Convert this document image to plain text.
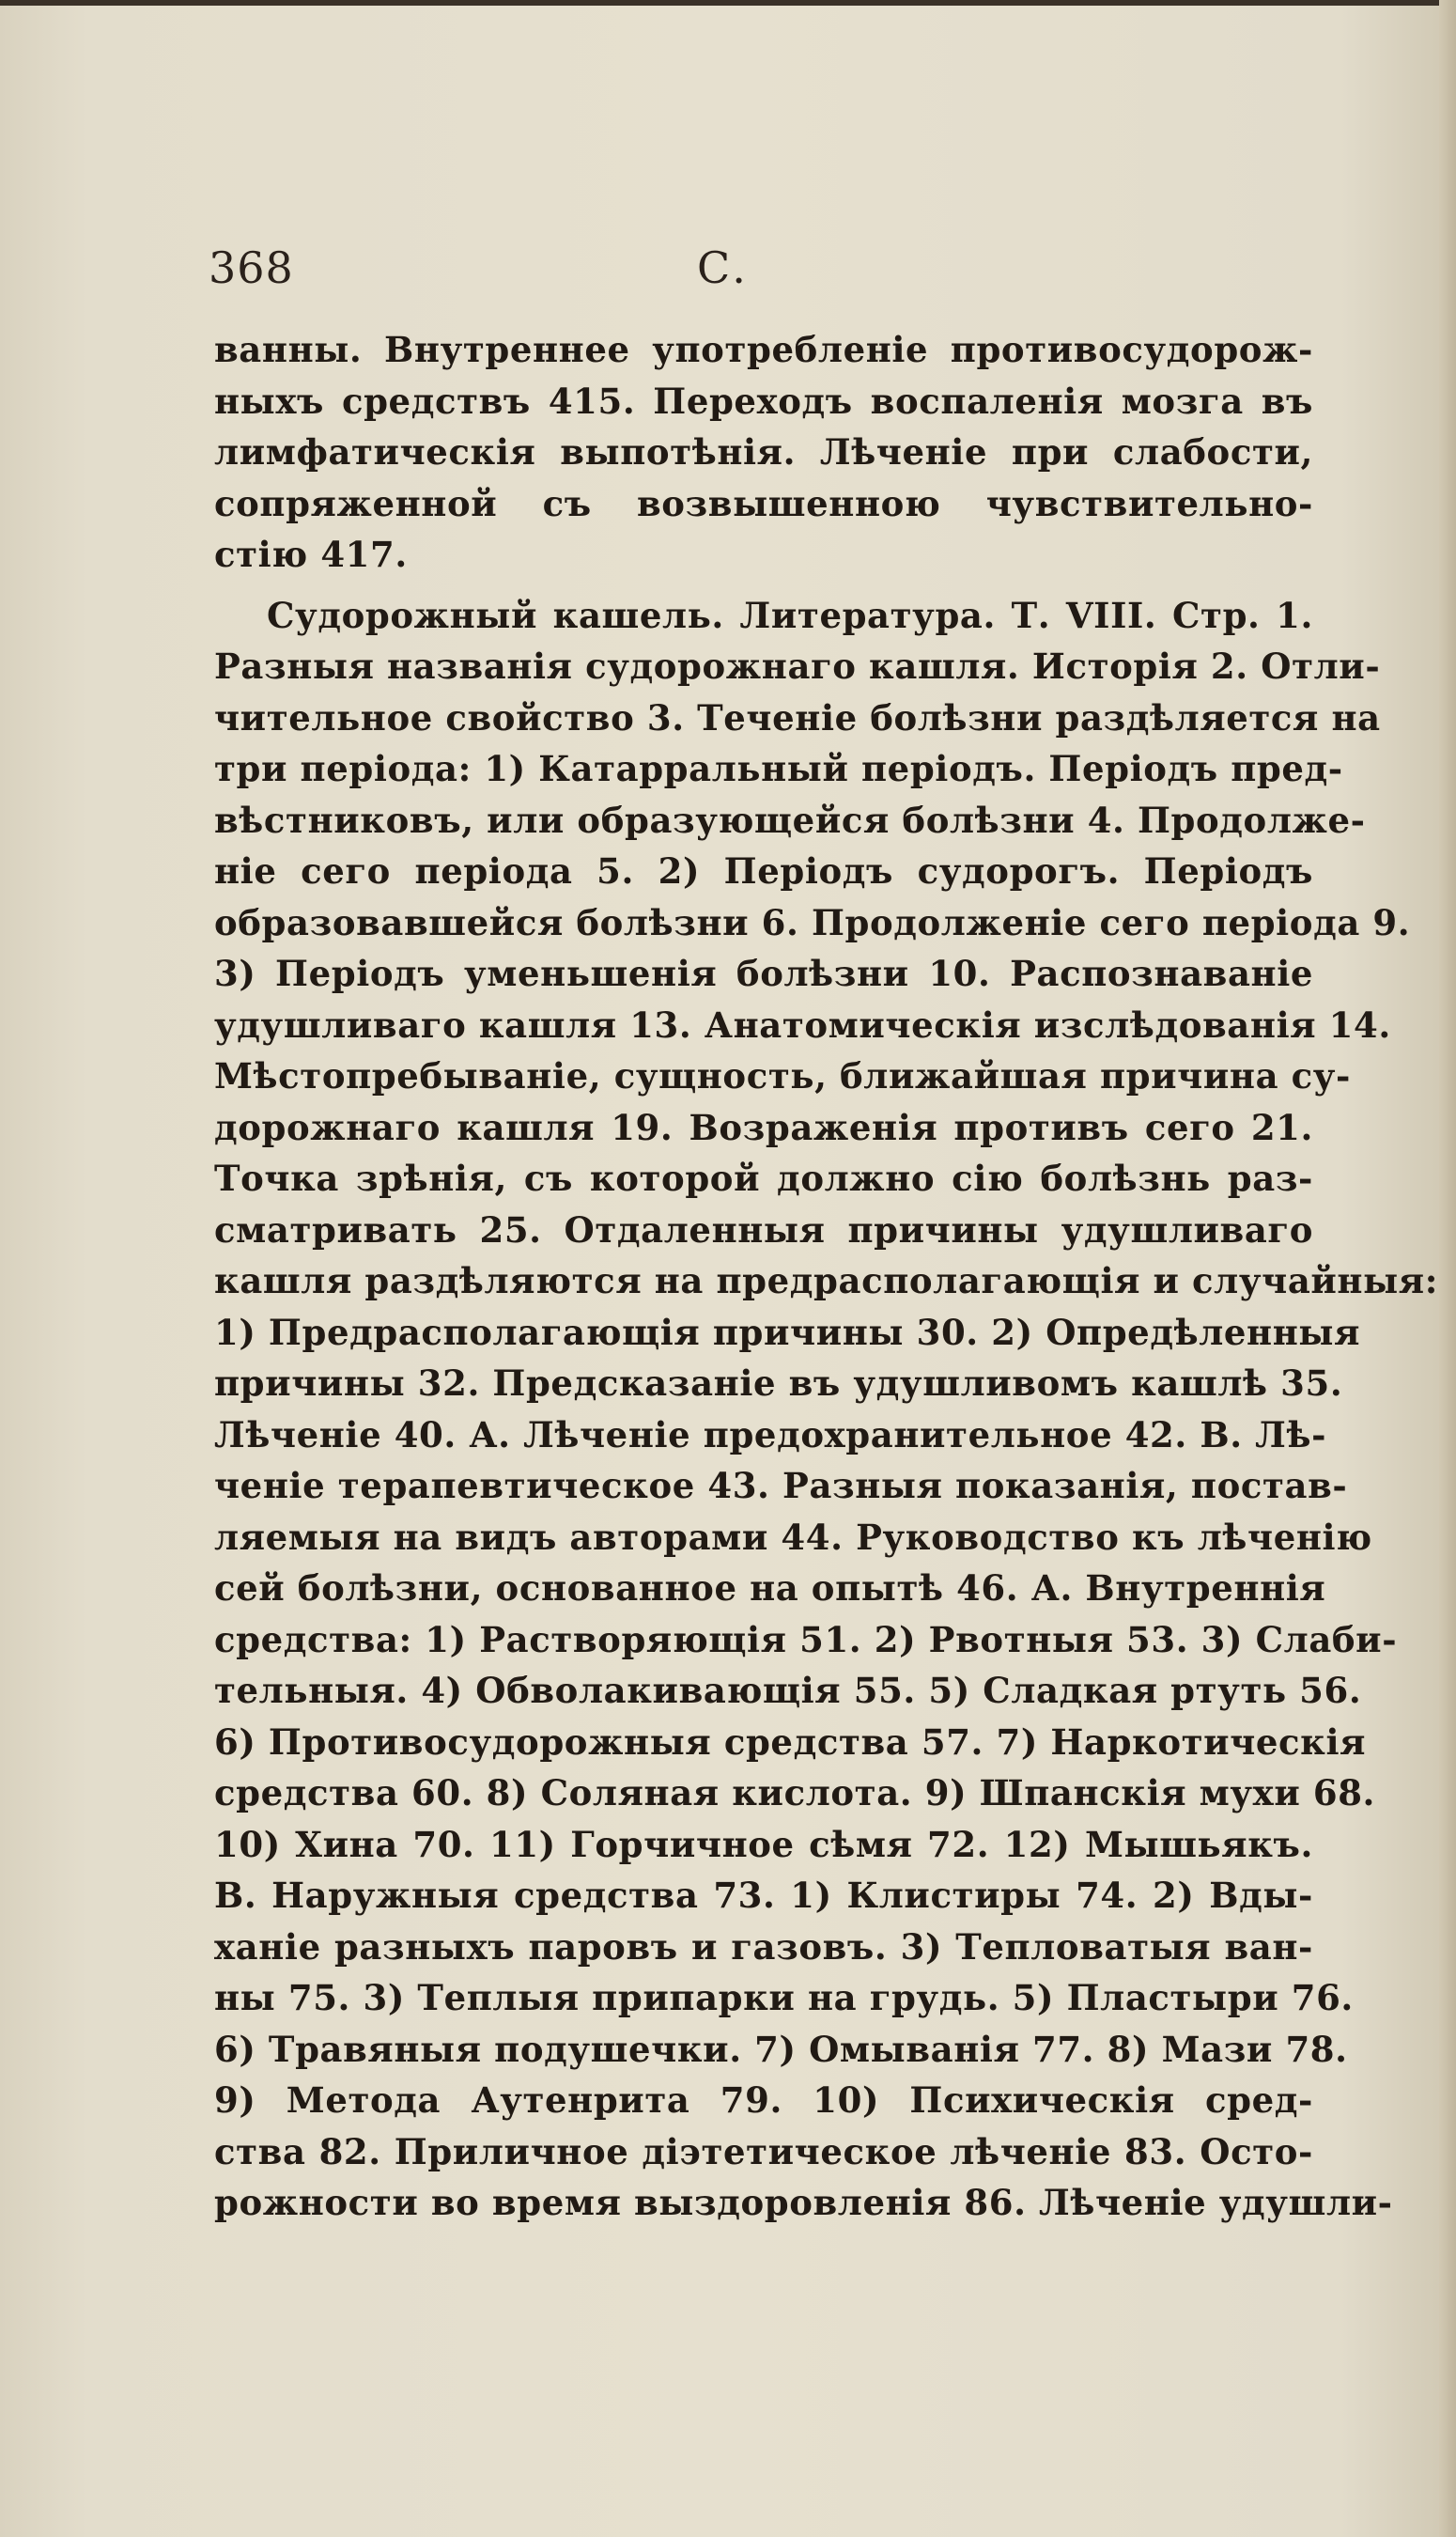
368	С.
ванны. Внутреннее употребленіе противосудорож-
ныхъ средствъ 415. Переходъ воспаленія мозга въ
лимфатическія выпотѣнія. Лѣченіе при слабости,
сопряженной съ возвышенною чувствительно-
стію 417.
Судорожный кашель. Литература. Т. VIII. Стр. 1.
Разныя названія судорожнаго кашля. Исторія 2. Отли-
чительное свойство 3. Теченіе болѣзни раздѣляется на
три періода: 1) Катарральный періодъ. Періодъ пред-
вѣстниковъ, или образующейся болѣзни 4. Продолже-
ніе сего періода 5. 2) Періодъ судорогъ. Періодъ
образовавшейся болѣзни 6. Продолженіе сего періода 9.
3) Періодъ уменьшенія болѣзни 10. Распознаваніе
удушливаго кашля 13. Анатомическія изслѣдованія 14.
Мѣстопребываніе, сущность, ближайшая причина су-
дорожнаго кашля 19. Возраженія противъ сего 21.
Точка зрѣнія, съ которой должно сію болѣзнь раз-
сматривать 25. Отдаленныя причины удушливаго
кашля раздѣляются на предрасполагающія и случайныя:
1) Предрасполагающія причины 30. 2) Опредѣленныя
причины 32. Предсказаніе въ удушливомъ кашлѣ 35.
Лѣченіе 40. А. Лѣченіе предохранительное 42. В. Лѣ-
ченіе терапевтическое 43. Разныя показанія, постав-
ляемыя на видъ авторами 44. Руководство къ лѣченію
сей болѣзни, основанное на опытѣ 46. А. Внутреннія
средства: 1) Растворяющія 51. 2) Рвотныя 53. 3) Слаби-
тельныя. 4) Обволакивающія 55. 5) Сладкая ртуть 56.
6) Противосудорожныя средства 57. 7) Наркотическія
средства 60. 8) Соляная кислота. 9) Шпанскія мухи 68.
10) Хина 70. 11) Горчичное сѣмя 72. 12) Мышьякъ.
В. Наружныя средства 73. 1) Клистиры 74. 2) Вды-
ханіе разныхъ паровъ и газовъ. 3) Тепловатыя ван-
ны 75. 3) Теплыя припарки на грудь. 5) Пластыри 76.
6) Травяныя подушечки. 7) Омыванія 77. 8) Мази 78.
9) Метода Аутенрита 79. 10) Психическія сред-
ства 82. Приличное діэтетическое лѣченіе 83. Осто-
рожности во время выздоровленія 86. Лѣченіе удушли-
